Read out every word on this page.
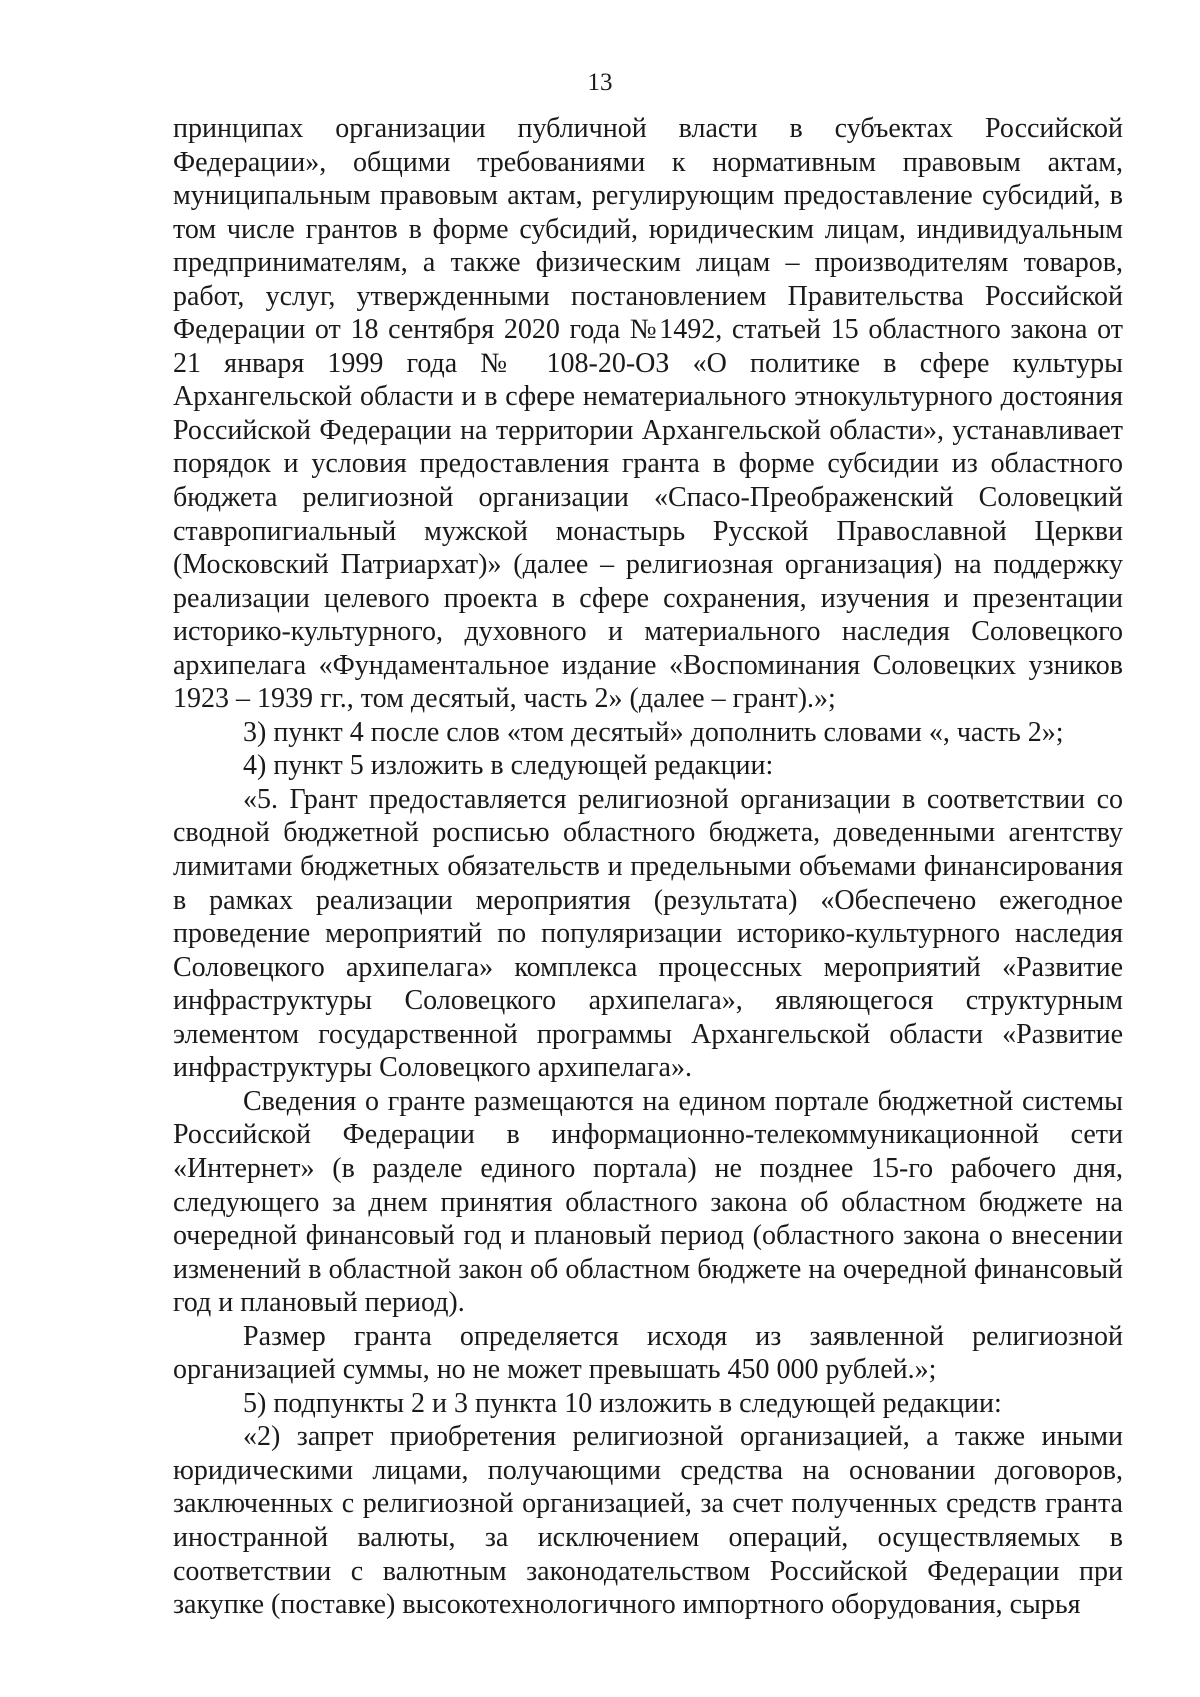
13

принципах организации публичной власти в субъектах Российской Федерации», общими требованиями к нормативным правовым актам, муниципальным правовым актам, регулирующим предоставление субсидий, в том числе грантов в форме субсидий, юридическим лицам, индивидуальным предпринимателям, а также физическим лицам – производителям товаров, работ, услуг, утвержденными постановлением Правительства Российской Федерации от 18 сентября 2020 года №1492, статьей 15 областного закона от 21 января 1999 года № 108-20-ОЗ «О политике в сфере культуры Архангельской области и в сфере нематериального этнокультурного достояния Российской Федерации на территории Архангельской области», устанавливает порядок и условия предоставления гранта в форме субсидии из областного бюджета религиозной организации «Спасо-Преображенский Соловецкий ставропигиальный мужской монастырь Русской Православной Церкви (Московский Патриархат)» (далее – религиозная организация) на поддержку реализации целевого проекта в сфере сохранения, изучения и презентации историко-культурного, духовного и материального наследия Соловецкого архипелага «Фундаментальное издание «Воспоминания Соловецких узников 1923 – 1939 гг., том десятый, часть 2» (далее – грант).»;

3) пункт 4 после слов «том десятый» дополнить словами «, часть 2»;

4) пункт 5 изложить в следующей редакции:

«5. Грант предоставляется религиозной организации в соответствии со сводной бюджетной росписью областного бюджета, доведенными агентству лимитами бюджетных обязательств и предельными объемами финансирования в рамках реализации мероприятия (результата) «Обеспечено ежегодное проведение мероприятий по популяризации историко-культурного наследия Соловецкого архипелага» комплекса процессных мероприятий «Развитие инфраструктуры Соловецкого архипелага», являющегося структурным элементом государственной программы Архангельской области «Развитие инфраструктуры Соловецкого архипелага».

Сведения о гранте размещаются на едином портале бюджетной системы Российской Федерации в информационно-телекоммуникационной сети «Интернет» (в разделе единого портала) не позднее 15-го рабочего дня, следующего за днем принятия областного закона об областном бюджете на очередной финансовый год и плановый период (областного закона о внесении изменений в областной закон об областном бюджете на очередной финансовый год и плановый период).

Размер гранта определяется исходя из заявленной религиозной организацией суммы, но не может превышать 450 000 рублей.»;

5) подпункты 2 и 3 пункта 10 изложить в следующей редакции:

«2) запрет приобретения религиозной организацией, а также иными юридическими лицами, получающими средства на основании договоров, заключенных с религиозной организацией, за счет полученных средств гранта иностранной валюты, за исключением операций, осуществляемых в соответствии с валютным законодательством Российской Федерации при закупке (поставке) высокотехнологичного импортного оборудования, сырья
